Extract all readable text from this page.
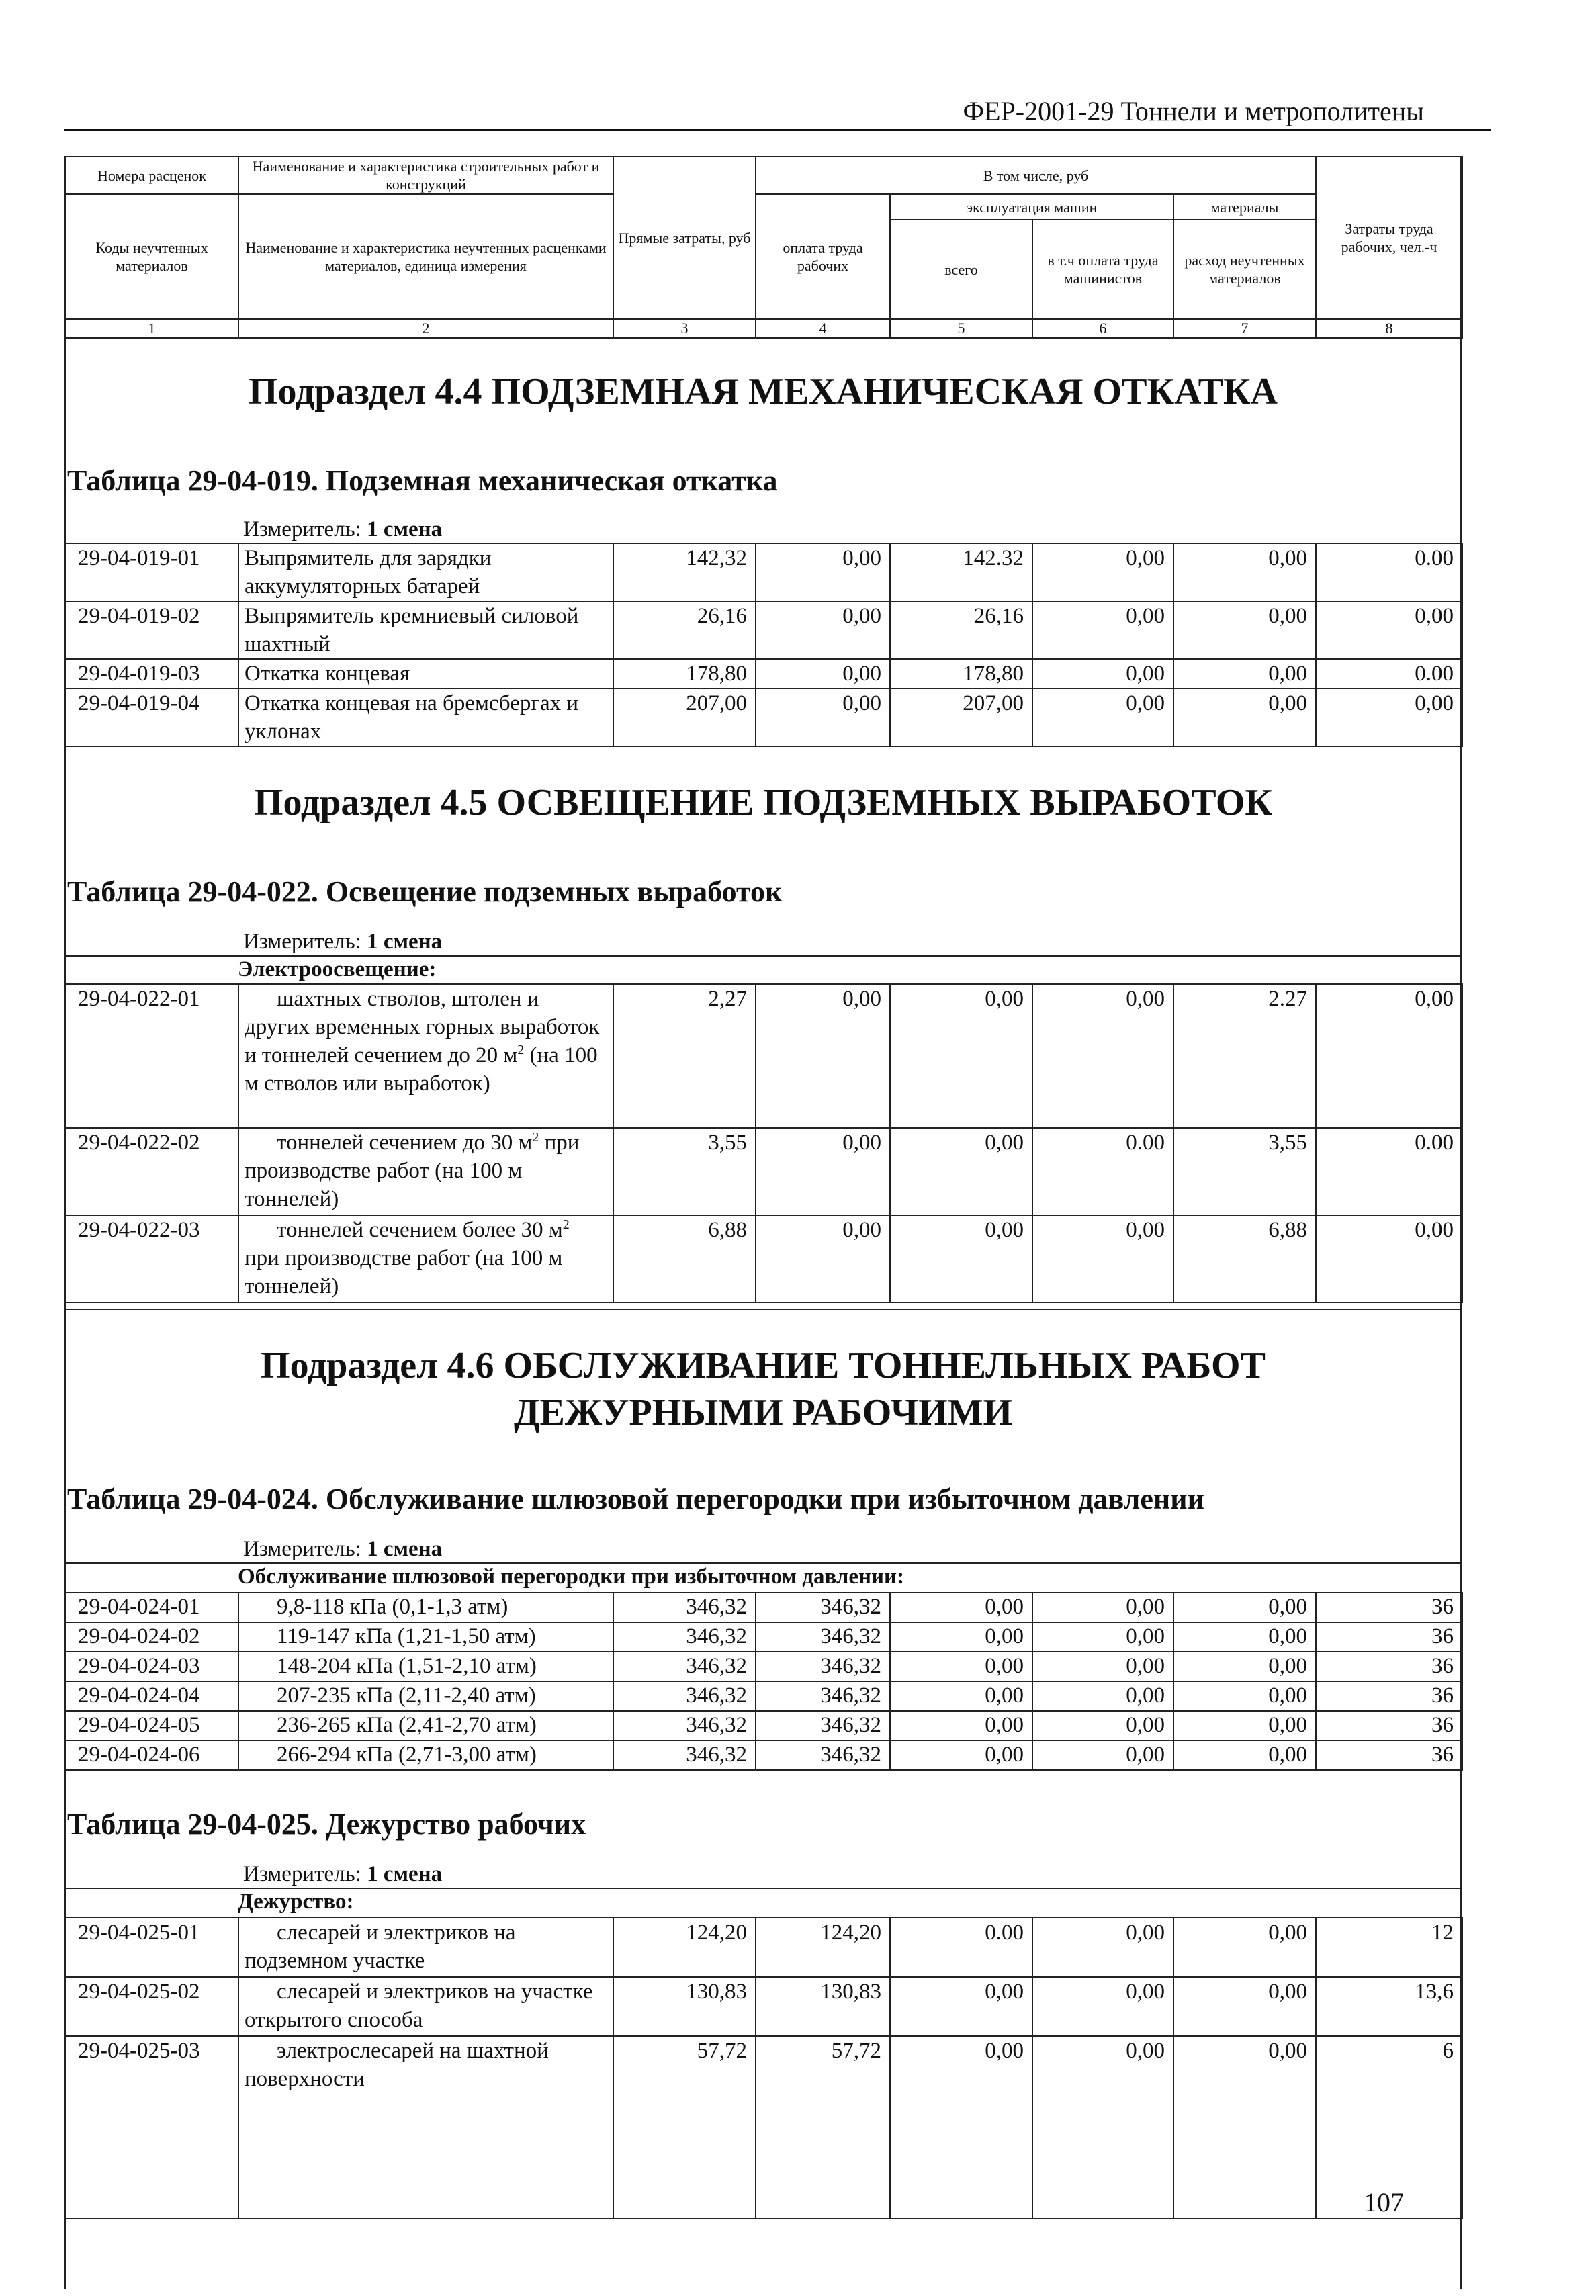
ФЕР-2001-29 Тоннели и метрополитены
Номера расценок	Наименование и характеристика строительных работ и конструкций	Прямые затраты, руб	В том числе, руб				Затраты труда рабочих, чел.-ч
Коды неучтенных материалов	Наименование и характеристика неучтенных расценками материалов, единица измерения		оплата труда рабочих	эксплуатация машин		материалы	
				всего	в т.ч оплата труда машинистов	расход неучтенных материалов	
1	2	3	4	5	6	7	8
Подраздел 4.4 ПОДЗЕМНАЯ МЕХАНИЧЕСКАЯ ОТКАТКА
Таблица 29-04-019. Подземная механическая откатка
Измеритель: 1 смена
29-04-019-01	Выпрямитель для зарядки аккумуляторных батарей	142,32	0,00	142.32	0,00	0,00	0.00
29-04-019-02	Выпрямитель кремниевый силовой шахтный	26,16	0,00	26,16	0,00	0,00	0,00
29-04-019-03	Откатка концевая	178,80	0,00	178,80	0,00	0,00	0.00
29-04-019-04	Откатка концевая на бремсбергах и уклонах	207,00	0,00	207,00	0,00	0,00	0,00
Подраздел 4.5 ОСВЕЩЕНИЕ ПОДЗЕМНЫХ ВЫРАБОТОК
Таблица 29-04-022. Освещение подземных выработок
Измеритель: 1 смена
Электроосвещение:
29-04-022-01	шахтных стволов, штолен и других временных горных выработок и тоннелей сечением до 20 $м^2$ (на 100 м стволов или выработок)	2,27	0,00	0,00	0,00	2.27	0,00
29-04-022-02	тоннелей сечением до 30 $м^2$ при производстве работ (на 100 м тоннелей)	3,55	0,00	0,00	0.00	3,55	0.00
29-04-022-03	тоннелей сечением более 30 $м^2$ при производстве работ (на 100 м тоннелей)	6,88	0,00	0,00	0,00	6,88	0,00
Подраздел 4.6 ОБСЛУЖИВАНИЕ ТОННЕЛЬНЫХ РАБОТ ДЕЖУРНЫМИ РАБОЧИМИ
Таблица 29-04-024. Обслуживание шлюзовой перегородки при избыточном давлении
Измеритель: 1 смена
Обслуживание шлюзовой перегородки при избыточном давлении:
29-04-024-01	9,8-118 кПа (0,1-1,3 атм)	346,32	346,32	0,00	0,00	0,00	36
29-04-024-02	119-147 кПа (1,21-1,50 атм)	346,32	346,32	0,00	0,00	0,00	36
29-04-024-03	148-204 кПа (1,51-2,10 атм)	346,32	346,32	0,00	0,00	0,00	36
29-04-024-04	207-235 кПа (2,11-2,40 атм)	346,32	346,32	0,00	0,00	0,00	36
29-04-024-05	236-265 кПа (2,41-2,70 атм)	346,32	346,32	0,00	0,00	0,00	36
29-04-024-06	266-294 кПа (2,71-3,00 атм)	346,32	346,32	0,00	0,00	0,00	36
Таблица 29-04-025. Дежурство рабочих
Измеритель: 1 смена
Дежурство:
29-04-025-01	слесарей и электриков на подземном участке	124,20	124,20	0.00	0,00	0,00	12
29-04-025-02	слесарей и электриков на участке открытого способа	130,83	130,83	0,00	0,00	0,00	13,6
29-04-025-03	электрослесарей на шахтной поверхности	57,72	57,72	0,00	0,00	0,00	6
107
